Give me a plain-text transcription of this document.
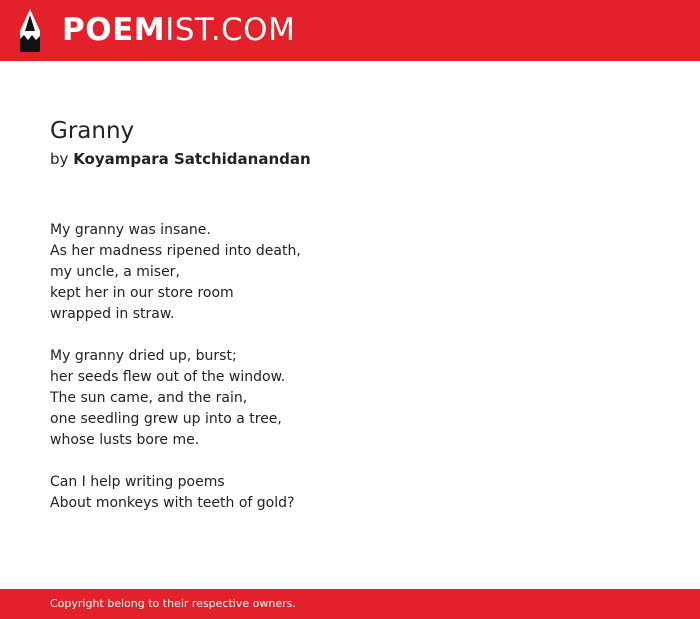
POEMIST.COM
Granny
by Koyampara Satchidanandan
My granny was insane.
As her madness ripened into death,
my uncle, a miser,
kept her in our store room
wrapped in straw.
My granny dried up, burst;
her seeds flew out of the window.
The sun came, and the rain,
one seedling grew up into a tree,
whose lusts bore me.
Can I help writing poems
About monkeys with teeth of gold?
Copyright belong to their respective owners.
